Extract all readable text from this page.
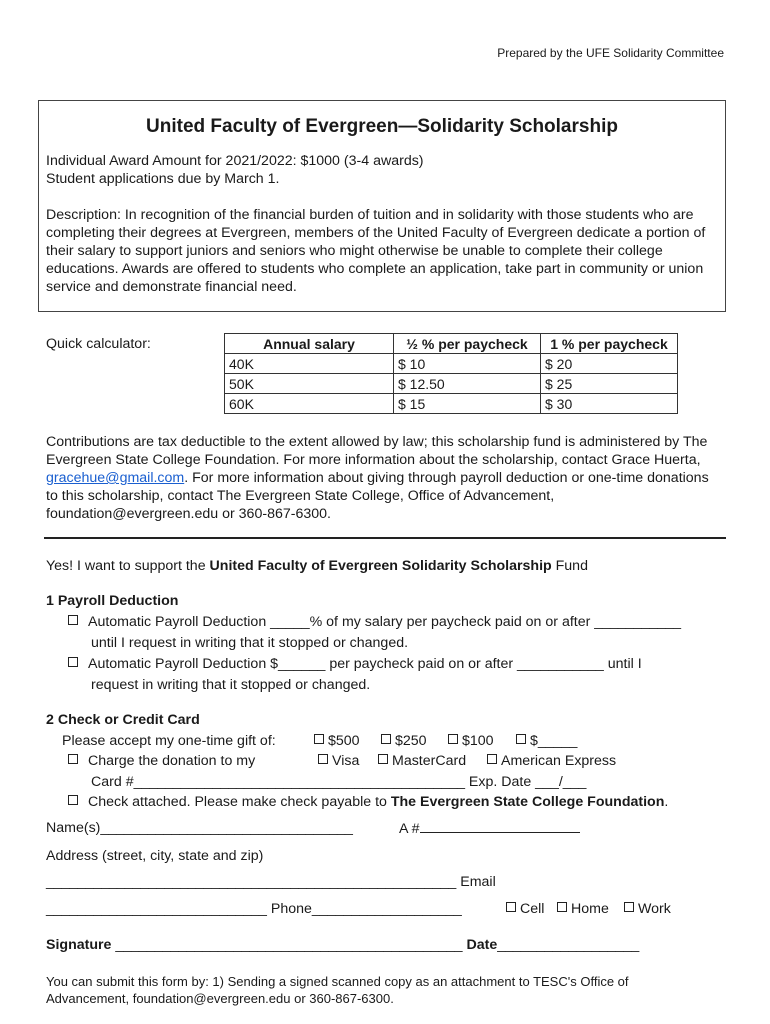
Prepared by the UFE Solidarity Committee
United Faculty of Evergreen—Solidarity Scholarship

Individual Award Amount for 2021/2022: $1000 (3-4 awards)

Student applications due by March 1.

Description: In recognition of the financial burden of tuition and in solidarity with those students who are completing their degrees at Evergreen, members of the United Faculty of Evergreen dedicate a portion of their salary to support juniors and seniors who might otherwise be unable to complete their college educations. Awards are offered to students who complete an application, take part in community or union service and demonstrate financial need.

Quick calculator:	Annual salary	½ % per paycheck	1 % per paycheck
40K	$ 10	$ 20
50K	$ 12.50	$ 25
60K	$ 15	$ 30

Contributions are tax deductible to the extent allowed by law; this scholarship fund is administered by The Evergreen State College Foundation. For more information about the scholarship, contact Grace Huerta, gracehue@gmail.com. For more information about giving through payroll deduction or one-time donations to this scholarship, contact The Evergreen State College, Office of Advancement, foundation@evergreen.edu or 360-867-6300.

Yes! I want to support the United Faculty of Evergreen Solidarity Scholarship Fund
1 Payroll Deduction
Automatic Payroll Deduction _____% of my salary per paycheck paid on or after ___________
until I request in writing that it stopped or changed.
Automatic Payroll Deduction $______ per paycheck paid on or after ___________ until I
request in writing that it stopped or changed.
2 Check or Credit Card
Please accept my one-time gift of:	$500	$250	$100	$_____
Charge the donation to my	Visa	MasterCard	American Express
Card #__________________________________________ Exp. Date ___/___
Check attached. Please make check payable to The Evergreen State College Foundation.
Name(s)________________________________	A #
Address (street, city, state and zip)
____________________________________________________ Email
____________________________ Phone___________________	Cell	Home	Work
Signature ____________________________________________ Date__________________
You can submit this form by: 1) Sending a signed scanned copy as an attachment to TESC's Office of
Advancement, foundation@evergreen.edu or 360-867-6300.
